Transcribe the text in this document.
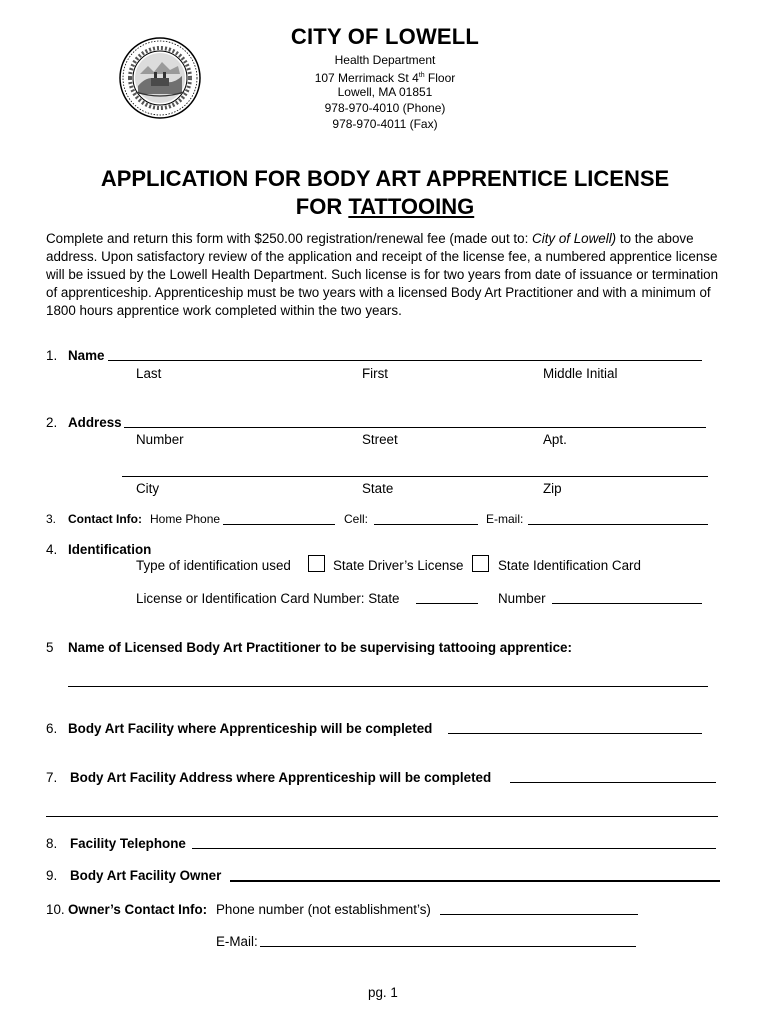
CITY OF LOWELL
Health Department
107 Merrimack St 4th Floor
Lowell, MA 01851
978-970-4010 (Phone)
978-970-4011 (Fax)
APPLICATION FOR BODY ART APPRENTICE LICENSE
FOR TATTOOING
Complete and return this form with $250.00 registration/renewal fee (made out to: City of Lowell) to the above address. Upon satisfactory review of the application and receipt of the license fee, a numbered apprentice license will be issued by the Lowell Health Department. Such license is for two years from date of issuance or termination of apprenticeship. Apprenticeship must be two years with a licensed Body Art Practitioner and with a minimum of 1800 hours apprentice work completed within the two years.
1. Name
Last	First	Middle Initial
2. Address
Number	Street	Apt.
City	State	Zip
3. Contact Info: Home Phone	Cell:	E-mail:
4. Identification
Type of identification used	State Driver’s License	State Identification Card
License or Identification Card Number: State	Number
5 Name of Licensed Body Art Practitioner to be supervising tattooing apprentice:
6. Body Art Facility where Apprenticeship will be completed
7. Body Art Facility Address where Apprenticeship will be completed
8. Facility Telephone
9. Body Art Facility Owner
10. Owner’s Contact Info: Phone number (not establishment’s)
E-Mail:
pg. 1
